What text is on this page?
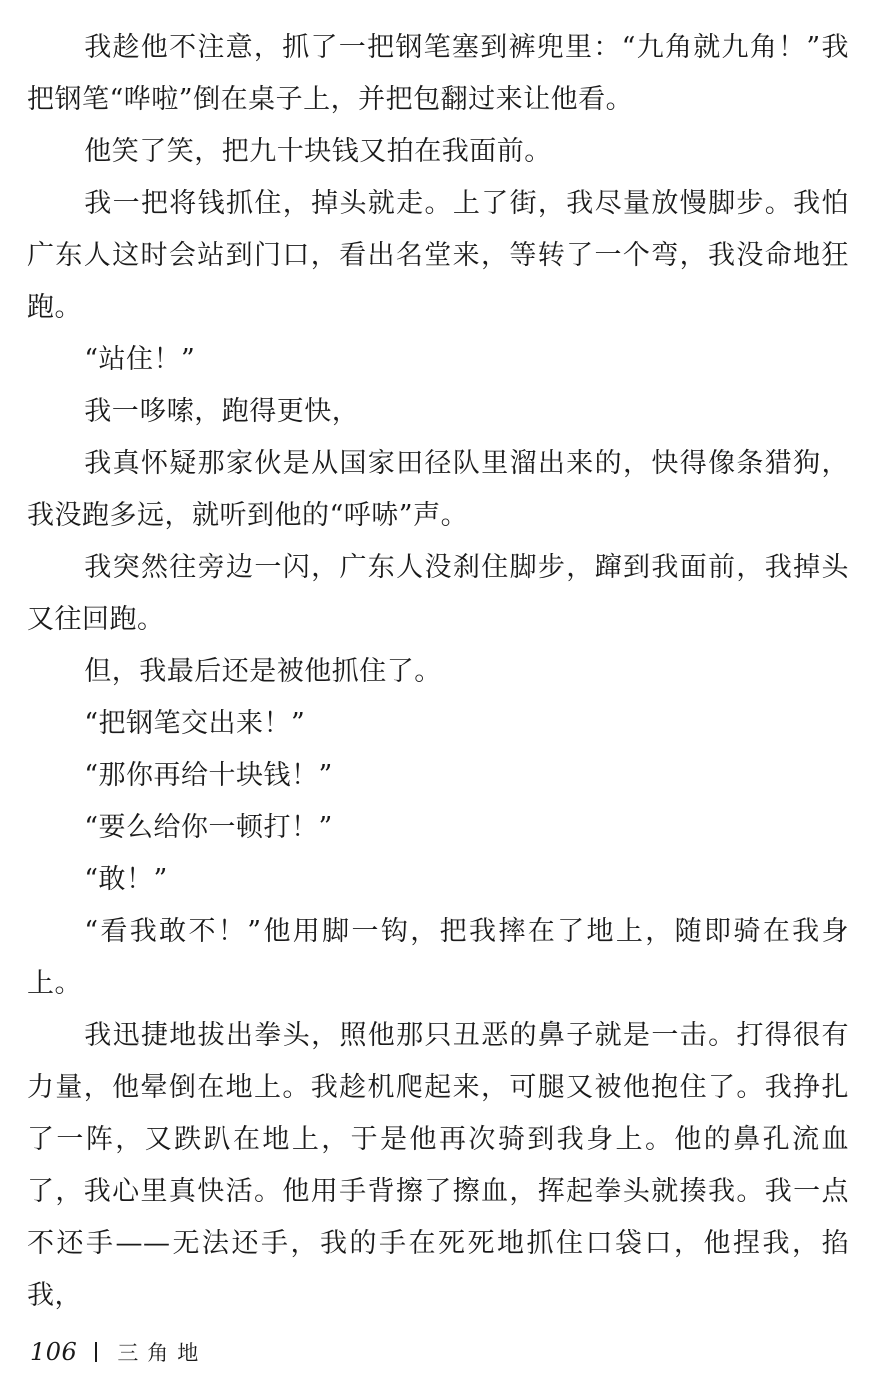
我趁他不注意，抓了一把钢笔塞到裤兜里：“九角就九角！”我把钢笔“哗啦”倒在桌子上，并把包翻过来让他看。

他笑了笑，把九十块钱又拍在我面前。

我一把将钱抓住，掉头就走。上了街，我尽量放慢脚步。我怕广东人这时会站到门口，看出名堂来，等转了一个弯，我没命地狂跑。

“站住！”

我一哆嗦，跑得更快，

我真怀疑那家伙是从国家田径队里溜出来的，快得像条猎狗，我没跑多远，就听到他的“呼哧”声。

我突然往旁边一闪，广东人没刹住脚步，蹿到我面前，我掉头又往回跑。

但，我最后还是被他抓住了。

“把钢笔交出来！”

“那你再给十块钱！”

“要么给你一顿打！”

“敢！”

“看我敢不！”他用脚一钩，把我摔在了地上，随即骑在我身上。

我迅捷地拔出拳头，照他那只丑恶的鼻子就是一击。打得很有力量，他晕倒在地上。我趁机爬起来，可腿又被他抱住了。我挣扎了一阵，又跌趴在地上，于是他再次骑到我身上。他的鼻孔流血了，我心里真快活。他用手背擦了擦血，挥起拳头就揍我。我一点不还手——无法还手，我的手在死死地抓住口袋口，他捏我，掐我，

106 三角地
